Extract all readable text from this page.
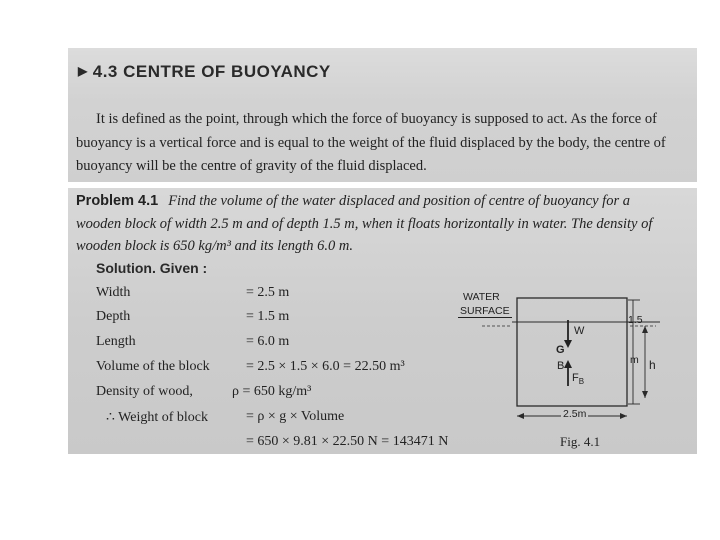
▶ 4.3 CENTRE OF BUOYANCY
It is defined as the point, through which the force of buoyancy is supposed to act. As the force of
buoyancy is a vertical force and is equal to the weight of the fluid displaced by the body, the centre of
buoyancy will be the centre of gravity of the fluid displaced.
Problem 4.1 Find the volume of the water displaced and position of centre of buoyancy for a
wooden block of width 2.5 m and of depth 1.5 m, when it floats horizontally in water. The density of
wooden block is 650 kg/m³ and its length 6.0 m.
Solution. Given :
Width	= 2.5 m
Depth	= 1.5 m
Length	= 6.0 m
Volume of the block	= 2.5 × 1.5 × 6.0 = 22.50 m³
Density of wood,	ρ = 650 kg/m³
∴ Weight of block	= ρ × g × Volume
= 650 × 9.81 × 22.50 N = 143471 N
WATER
SURFACE
W
G
B
$F_B$
1.5
m h
2.5m
Fig. 4.1
